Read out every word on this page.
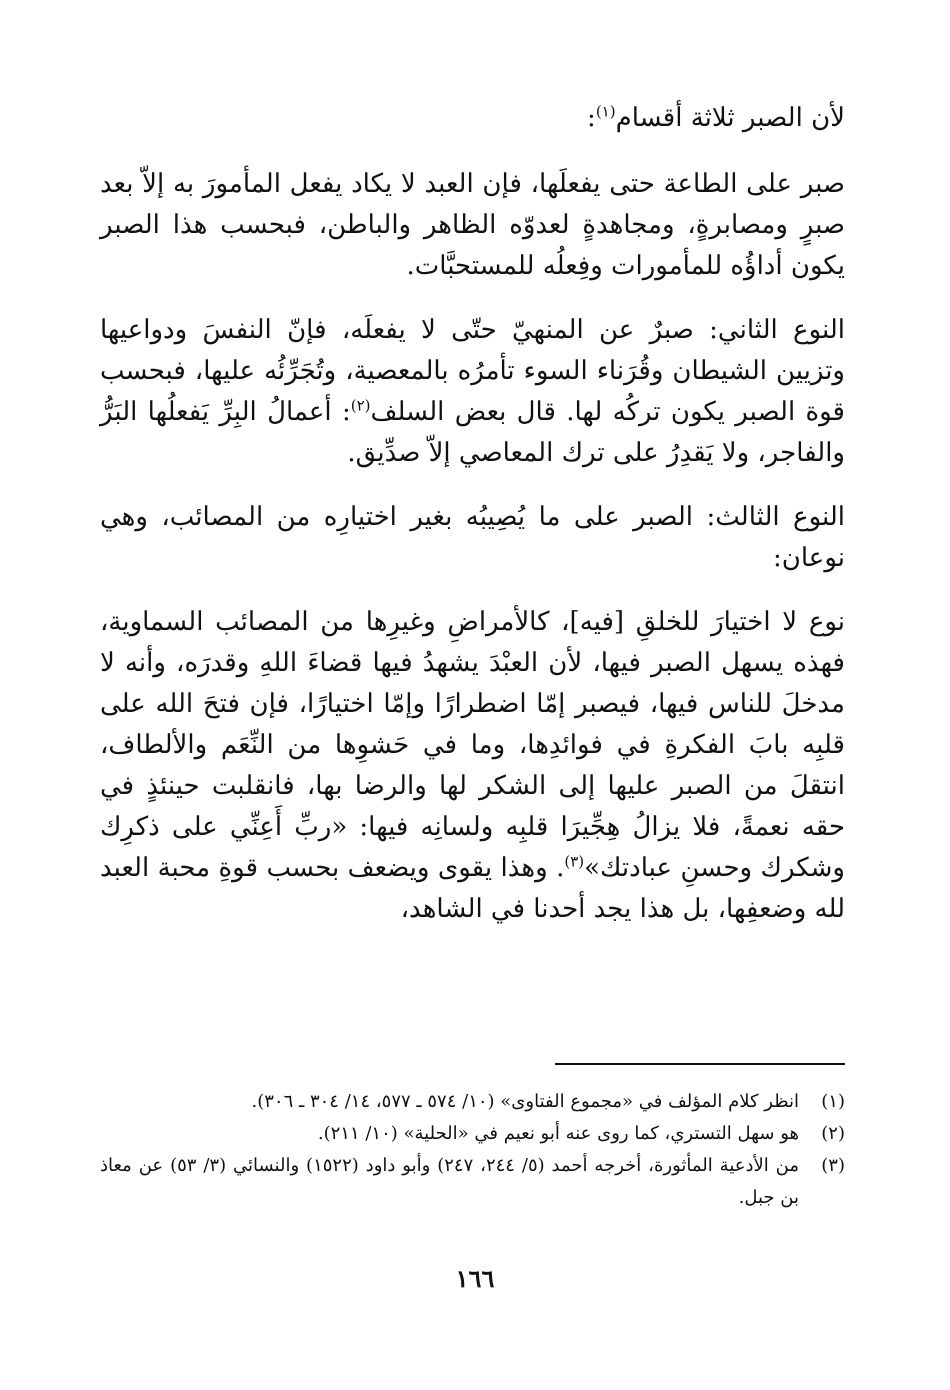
لأن الصبر ثلاثة أقسام$^{(١)}$:

صبر على الطاعة حتى يفعلَها، فإن العبد لا يكاد يفعل المأمورَ به إلاّ بعد صبرٍ ومصابرةٍ، ومجاهدةٍ لعدوّه الظاهر والباطن، فبحسب هذا الصبر يكون أداؤُه للمأمورات وفِعلُه للمستحبَّات.

النوع الثاني: صبرٌ عن المنهيّ حتّى لا يفعلَه، فإنّ النفسَ ودواعيها وتزيين الشيطان وقُرَناء السوء تأمرُه بالمعصية، وتُجَرِّئُه عليها، فبحسب قوة الصبر يكون تركُه لها. قال بعض السلف$^{(٢)}$: أعمالُ البِرِّ يَفعلُها البَرُّ والفاجر، ولا يَقدِرُ على ترك المعاصي إلاّ صدِّيق.

النوع الثالث: الصبر على ما يُصِيبُه بغير اختيارِه من المصائب، وهي نوعان:

نوع لا اختيارَ للخلقِ [فيه]، كالأمراضِ وغيرِها من المصائب السماوية، فهذه يسهل الصبر فيها، لأن العبْدَ يشهدُ فيها قضاءَ اللهِ وقدرَه، وأنه لا مدخلَ للناس فيها، فيصبر إمّا اضطرارًا وإمّا اختيارًا، فإن فتحَ الله على قلبِه بابَ الفكرةِ في فوائدِها، وما في حَشوِها من النِّعَم والألطاف، انتقلَ من الصبر عليها إلى الشكر لها والرضا بها، فانقلبت حينئذٍ في حقه نعمةً، فلا يزالُ هِجِّيرَا قلبِه ولسانِه فيها: «ربِّ أَعِنِّي على ذكرِك وشكرك وحسنِ عبادتك»$^{(٣)}$. وهذا يقوى ويضعف بحسب قوةِ محبة العبد لله وضعفِها، بل هذا يجد أحدنا في الشاهد،
(١)
انظر كلام المؤلف في «مجموع الفتاوى» (١٠/ ٥٧٤ ـ ٥٧٧، ١٤/ ٣٠٤ ـ ٣٠٦).
(٢)
هو سهل التستري، كما روى عنه أبو نعيم في «الحلية» (١٠/ ٢١١).
(٣)
من الأدعية المأثورة، أخرجه أحمد (٥/ ٢٤٤، ٢٤٧) وأبو داود (١٥٢٢) والنسائي (٣/ ٥٣) عن معاذ بن جبل.
١٦٦
